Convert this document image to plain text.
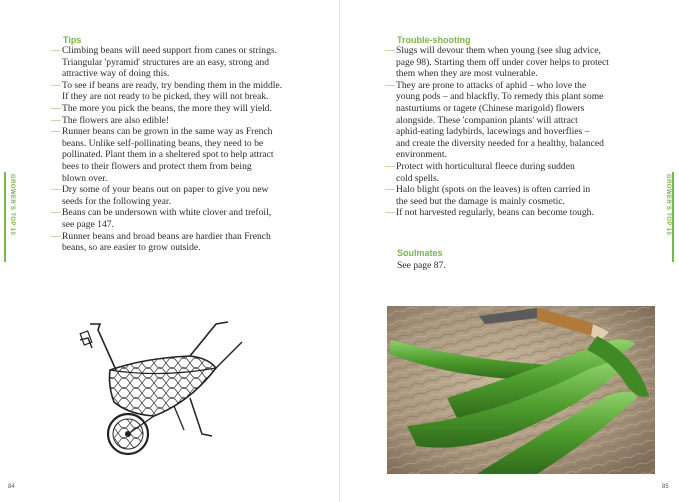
Tips
— Climbing beans will need support from canes or strings.
Triangular 'pyramid' structures are an easy, strong and
attractive way of doing this.
— To see if beans are ready, try bending them in the middle.
If they are not ready to be picked, they will not break.
— The more you pick the beans, the more they will yield.
— The flowers are also edible!
— Runner beans can be grown in the same way as French
beans. Unlike self-pollinating beans, they need to be
pollinated. Plant them in a sheltered spot to help attract
bees to their flowers and protect them from being
blown over.
— Dry some of your beans out on paper to give you new
seeds for the following year.
— Beans can be undersown with white clover and trefoil,
see page 147.
— Runner beans and broad beans are hardier than French
beans, so are easier to grow outside.
GROWER'S TOP 10
84
Trouble-shooting
— Slugs will devour them when young (see slug advice,
page 98). Starting them off under cover helps to protect
them when they are most vulnerable.
— They are prone to attacks of aphid – who love the
young pods – and blackfly. To remedy this plant some
nasturtiums or tagete (Chinese marigold) flowers
alongside. These 'companion plants' will attract
aphid-eating ladybirds, lacewings and hoverflies –
and create the diversity needed for a healthy, balanced
environment.
— Protect with horticultural fleece during sudden
cold spells.
— Halo blight (spots on the leaves) is often carried in
the seed but the damage is mainly cosmetic.
— If not harvested regularly, beans can become tough.
Soulmates
See page 87.
GROWER'S TOP 10
85
